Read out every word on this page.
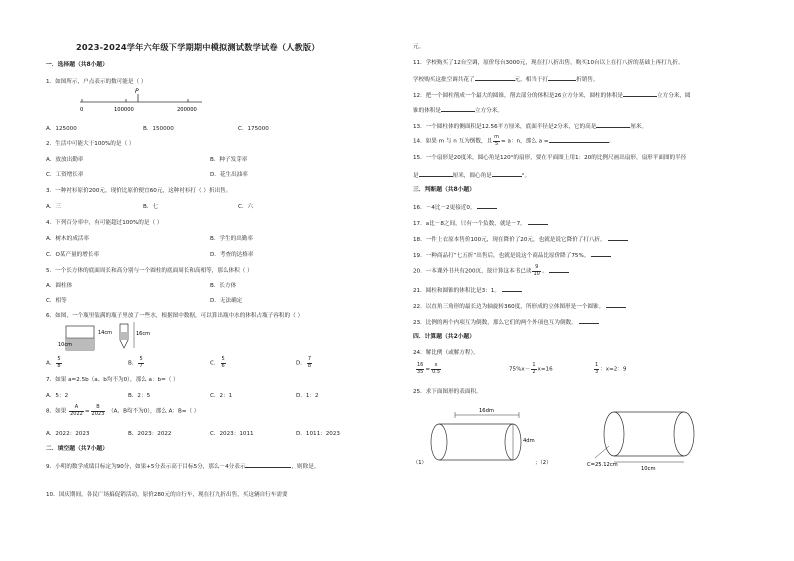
2023-2024学年六年级下学期期中模拟测试数学试卷（人教版）
一．选择题（共8小题）
1．如图所示，户点表示的数可能是（ ）
P
0	100000	200000
A．125000	B．150000	C．175000
2．生活中可能大于100%的是（ ）
A．放放出勤率	B．种子发芽率
C．工资增长率	D．花生出油率
3．一种衬衫原价200元，现价比原价便宜60元，这种衬衫打（ ）折出售。
A．三	B．七	C．六
4．下列百分率中，有可能超过100%的是（ ）
A．树木的成活率	B．学生的出勤率
C．O某产量的增长率	D．考查的达格率
5．一个长方体的底面周长和高分别与一个圆柱的底面周长和高相等，那么体积（ ）
A．圆柱体	B．长方体
C．相等	D．无法确定
6．如图，一个瓶里装满的瓶子里放了一些水，根据图中数据，可以算出瓶中水的体积占瓶子容积的（ ）
10cm
14cm	16cm
A． $\frac{5}{8}$	B． $\frac{5}{7}$	C． $\frac{5}{6}$	D． $\frac{7}{8}$
7．如果 a=2.5b（a、b均不为0），那么 a：b=（ ）
A．5：2	B．2：5	C．2：1	D．1：2
8．如果 $\frac{A}{2022} = \frac{B}{2023} (A$、B均不为0），那么 A：B=（ ）
A．2022：2023	B．2023：2022	C．2023：1011	D．1011：2023
二．填空题（共7小题）
9．小明的数学成绩目标定为90分，如果+5分表示高于目标5分，那么－4分表示	，则除是。
10．国庆期间，各民广场搞促销活动，原价280元的自行车，现在打九折出售，买这辆自行车需要
元。
11．学校购买了12台空调，原价每台3000元，现在打八折出售，购买10台以上在打八折的基础上再打九折。
学校购买这批空调共花了	元，相当于打	折销售。
12．把一个圆柱削成一个最大的圆锥，削去部分的体积是26立方分米，圆柱的体积是	立方分米，圆
锥的体积是	立方分米。
13．一个圆柱体的侧面积是12.56平方厘米，底面半径是2分米，它的高是	厘米。
14．如果 m 与 n 互为倒数，且 $\frac{m}{5} = a$：n，那么 a =	。
15．一个扇形是20度米，圆心角是120°的扇形，要在平面图上用1：20的比例尺画出扇形，扇形平面图的半径
是	厘米，圆心角是	°。
三．判断题（共8小题）
16．－4比－2更接近0。
17．a比－8之间，只有一个负数，就是－7。
18．一件上衣原本售价100元，现在降价了20元，也就是说它降价了打八折。
19．一种商品打“七五折”出售后，也就是说这个商品比原价降了75%。
20．一本课外书共有200页，按计算这本书已读 $\frac{9}{10}$ 。
21．圆柱和圆锥的体积比是3：1。
22．以直角三角形的最长边为轴旋转360度，所形成的立体图形是一个圆锥。
23．比例的两个内项互为倒数，那么它们的两个外项也互为倒数。
四．计算题（共2小题）
24．解比例（或解方程）。
$\frac{16}{35} = \frac{x}{0.5}$	$75\%x- \frac{1}{2} x=16$	$\frac{1}{3}$ ：x=2：9
25．求下面图形的表面积。
16dm
4dm
（1）	；（2）	C=25.12cm
10cm
